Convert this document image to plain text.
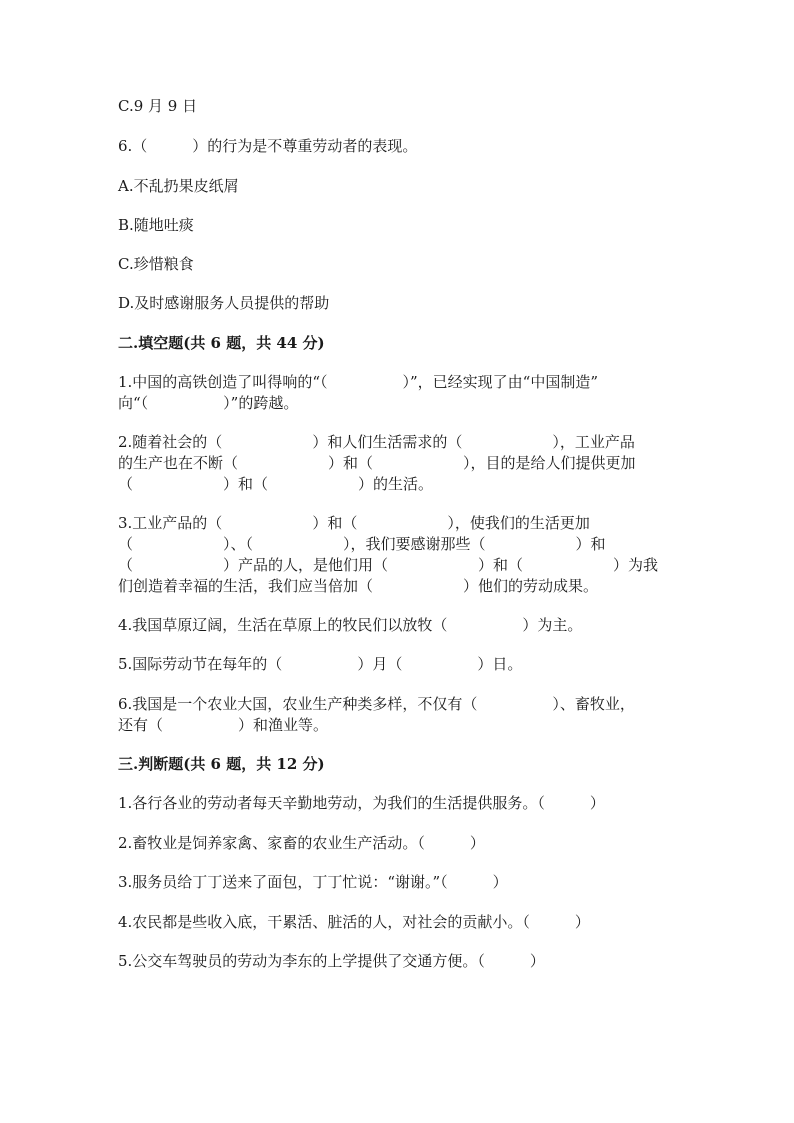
C.9 月 9 日

6.（　　　）的行为是不尊重劳动者的表现。

A.不乱扔果皮纸屑

B.随地吐痰

C.珍惜粮食

D.及时感谢服务人员提供的帮助

二.填空题(共 6 题，共 44 分)

1.中国的高铁创造了叫得响的“（　　　　　）”，已经实现了由“中国制造”

向“（　　　　　）”的跨越。

2.随着社会的（　　　　　　）和人们生活需求的（　　　　　　），工业产品

的生产也在不断（　　　　　　）和（　　　　　　），目的是给人们提供更加

（　　　　　　）和（　　　　　　）的生活。

3.工业产品的（　　　　　　）和（　　　　　　），使我们的生活更加

（　　　　　　）、（　　　　　　），我们要感谢那些（　　　　　　）和

（　　　　　　）产品的人，是他们用（　　　　　　）和（　　　　　　）为我

们创造着幸福的生活，我们应当倍加（　　　　　　）他们的劳动成果。

4.我国草原辽阔，生活在草原上的牧民们以放牧（　　　　　）为主。

5.国际劳动节在每年的（　　　　　）月（　　　　　）日。

6.我国是一个农业大国，农业生产种类多样，不仅有（　　　　　）、畜牧业，

还有（　　　　　）和渔业等。

三.判断题(共 6 题，共 12 分)

1.各行各业的劳动者每天辛勤地劳动，为我们的生活提供服务。（　　　）

2.畜牧业是饲养家禽、家畜的农业生产活动。（　　　）

3.服务员给丁丁送来了面包，丁丁忙说：“谢谢。”（　　　）

4.农民都是些收入底，干累活、脏活的人，对社会的贡献小。（　　　）

5.公交车驾驶员的劳动为李东的上学提供了交通方便。（　　　）
